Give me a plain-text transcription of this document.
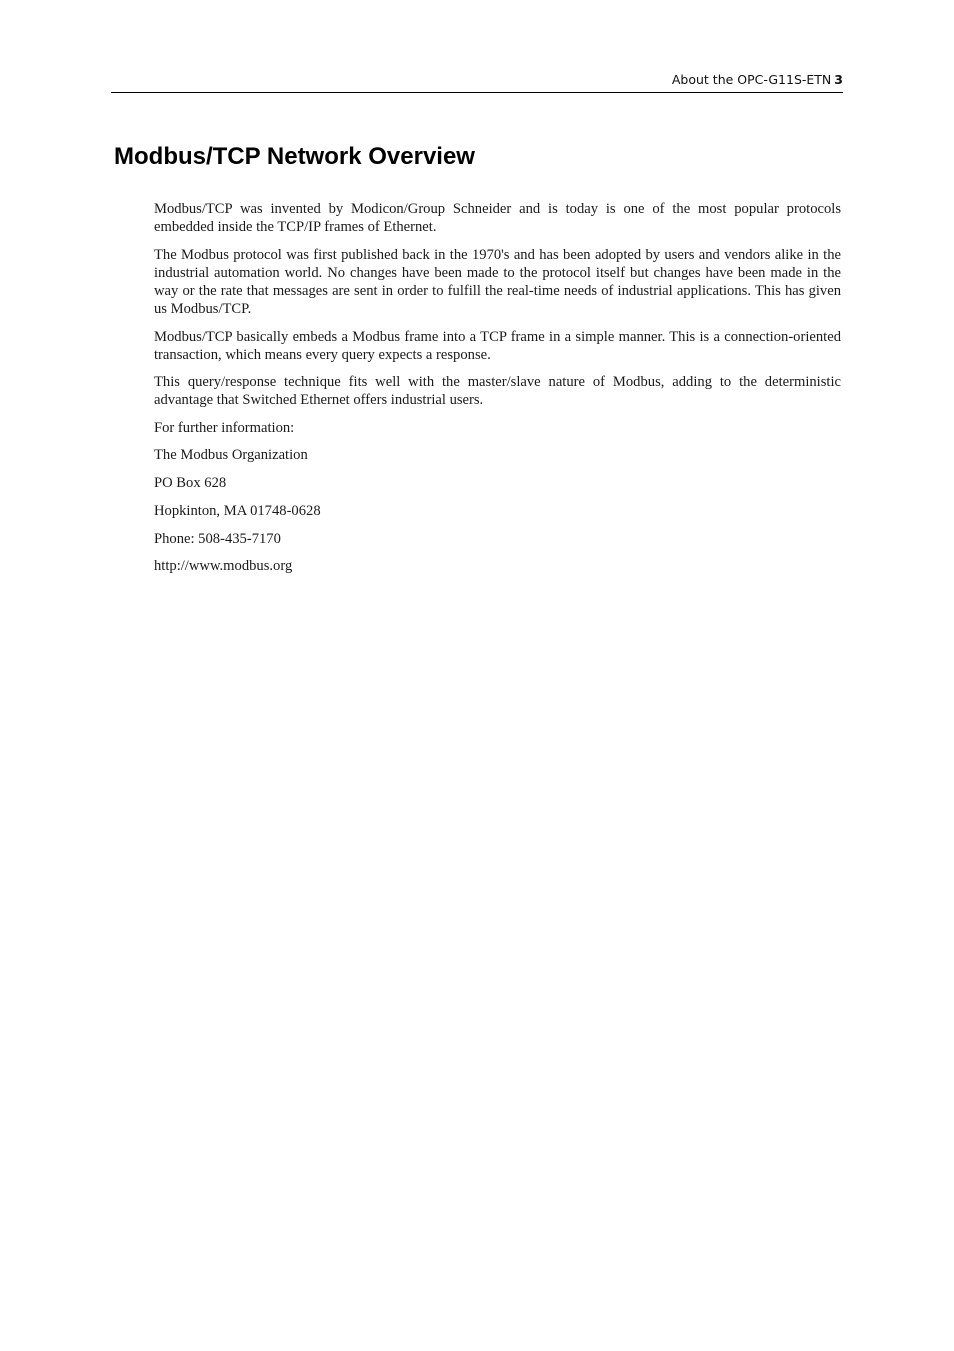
About the OPC-G11S-ETN 3
Modbus/TCP Network Overview

Modbus/TCP was invented by Modicon/Group Schneider and is today is one of the most popular protocols embedded inside the TCP/IP frames of Ethernet.

The Modbus protocol was first published back in the 1970's and has been adopted by users and vendors alike in the industrial automation world. No changes have been made to the protocol itself but changes have been made in the way or the rate that messages are sent in order to fulfill the real-time needs of industrial applications. This has given us Modbus/TCP.

Modbus/TCP basically embeds a Modbus frame into a TCP frame in a simple manner. This is a connection-oriented transaction, which means every query expects a response.

This query/response technique fits well with the master/slave nature of Modbus, adding to the deterministic advantage that Switched Ethernet offers industrial users.

For further information:

The Modbus Organization

PO Box 628

Hopkinton, MA 01748-0628

Phone: 508-435-7170

http://www.modbus.org
